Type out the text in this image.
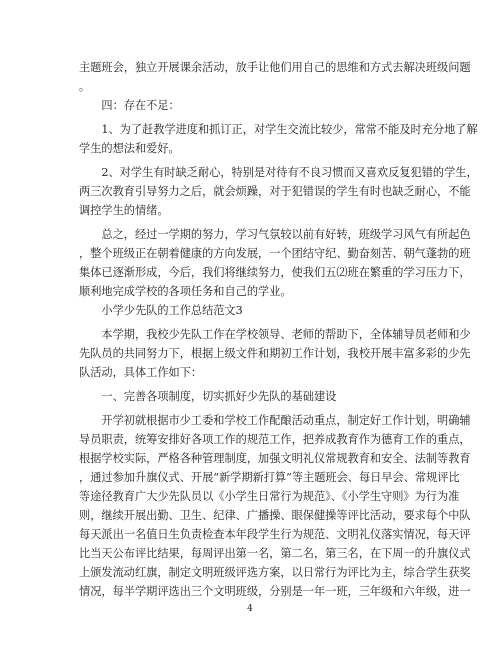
主题班会，独立开展课余活动，放手让他们用自己的思维和方式去解决班级问题
。
　　四：存在不足：
　　1、为了赶教学进度和抓订正，对学生交流比较少，常常不能及时充分地了解
学生的想法和爱好。
　　2、对学生有时缺乏耐心，特别是对待有不良习惯而又喜欢反复犯错的学生，
两三次教育引导努力之后，就会烦躁，对于犯错误的学生有时也缺乏耐心，不能
调控学生的情绪。
　　总之，经过一学期的努力，学习气氛较以前有好转，班级学习风气有所起色
，整个班级正在朝着健康的方向发展，一个团结守纪、勤奋刻苦、朝气蓬勃的班
集体已逐渐形成，今后，我们将继续努力，使我们五⑵班在繁重的学习压力下，
顺利地完成学校的各项任务和自己的学业。
　　小学少先队的工作总结范文3
　　本学期，我校少先队工作在学校领导、老师的帮助下，全体辅导员老师和少
先队员的共同努力下，根据上级文件和期初工作计划，我校开展丰富多彩的少先
队活动，具体工作如下：
　　一、完善各项制度，切实抓好少先队的基础建设
　　开学初就根据市少工委和学校工作配酿活动重点，制定好工作计划，明确辅
导员职责，统筹安排好各项工作的规范工作，把养成教育作为德育工作的重点，
根据学校实际，严格各种管理制度，加强文明礼仪常规教育和安全、法制等教育
，通过参加升旗仪式、开展“新学期新打算”等主题班会、每日早会、常规评比
等途径教育广大少先队员以《小学生日常行为规范》、《小学生守则》为行为准
则，继续开展出勤、卫生、纪律、广播操、眼保健操等评比活动，要求每个中队
每天派出一名值日生负责检查本年段学生行为规范、文明礼仪落实情况，每天评
比当天公布评比结果，每周评出第一名，第二名，第三名，在下周一的升旗仪式
上颁发流动红旗，制定文明班级评选方案，以日常行为评比为主，综合学生获奖
情况，每半学期评选出三个文明班级，分别是一年一班，三年级和六年级，进一
4
